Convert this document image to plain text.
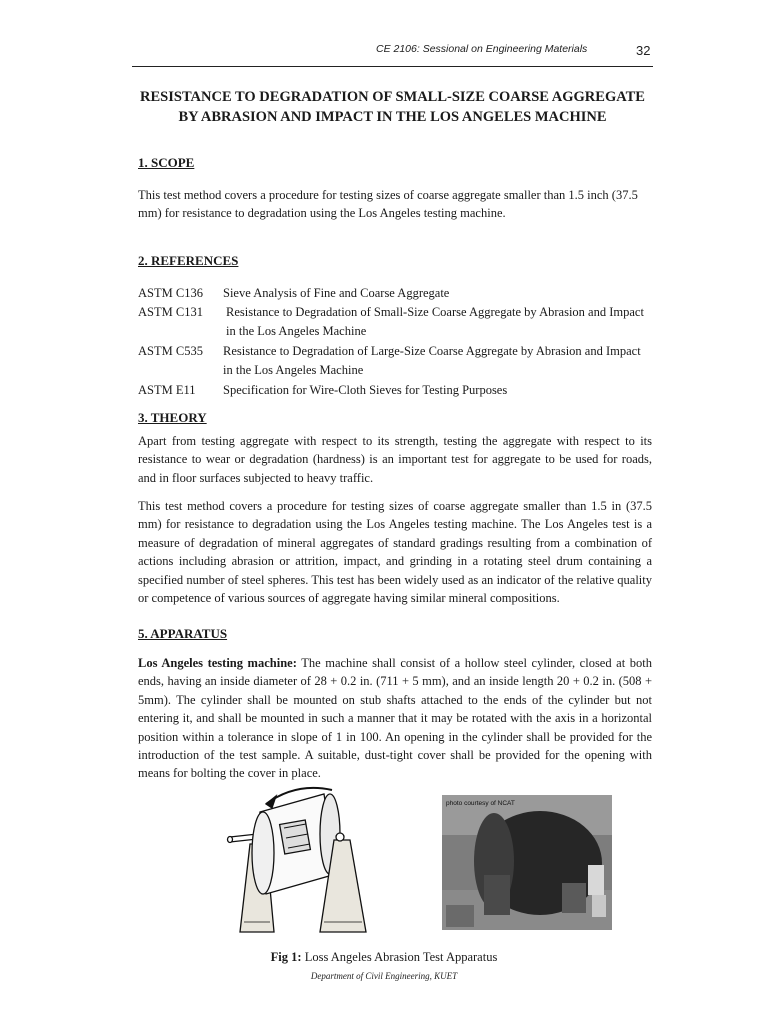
CE 2106: Sessional on Engineering Materials	32
RESISTANCE TO DEGRADATION OF SMALL-SIZE COARSE AGGREGATE
BY ABRASION AND IMPACT IN THE LOS ANGELES MACHINE
1. SCOPE

This test method covers a procedure for testing sizes of coarse aggregate smaller than 1.5 inch (37.5 mm) for resistance to degradation using the Los Angeles testing machine.

2. REFERENCES
ASTM C136 Sieve Analysis of Fine and Coarse Aggregate
ASTM C131 Resistance to Degradation of Small-Size Coarse Aggregate by Abrasion and Impact in the Los Angeles Machine
ASTM C535 Resistance to Degradation of Large-Size Coarse Aggregate by Abrasion and Impact in the Los Angeles Machine
ASTM E11 Specification for Wire-Cloth Sieves for Testing Purposes
3. THEORY

Apart from testing aggregate with respect to its strength, testing the aggregate with respect to its resistance to wear or degradation (hardness) is an important test for aggregate to be used for roads, and in floor surfaces subjected to heavy traffic.

This test method covers a procedure for testing sizes of coarse aggregate smaller than 1.5 in (37.5 mm) for resistance to degradation using the Los Angeles testing machine. The Los Angeles test is a measure of degradation of mineral aggregates of standard gradings resulting from a combination of actions including abrasion or attrition, impact, and grinding in a rotating steel drum containing a specified number of steel spheres. This test has been widely used as an indicator of the relative quality or competence of various sources of aggregate having similar mineral compositions.

5. APPARATUS

Los Angeles testing machine: The machine shall consist of a hollow steel cylinder, closed at both ends, having an inside diameter of 28 + 0.2 in. (711 + 5 mm), and an inside length 20 + 0.2 in. (508 + 5mm). The cylinder shall be mounted on stub shafts attached to the ends of the cylinder but not entering it, and shall be mounted in such a manner that it may be rotated with the axis in a horizontal position within a tolerance in slope of 1 in 100. An opening in the cylinder shall be provided for the introduction of the test sample. A suitable, dust-tight cover shall be provided for the opening with means for bolting the cover in place.

photo courtesy of NCAT
Fig 1: Loss Angeles Abrasion Test Apparatus
Department of Civil Engineering, KUET
